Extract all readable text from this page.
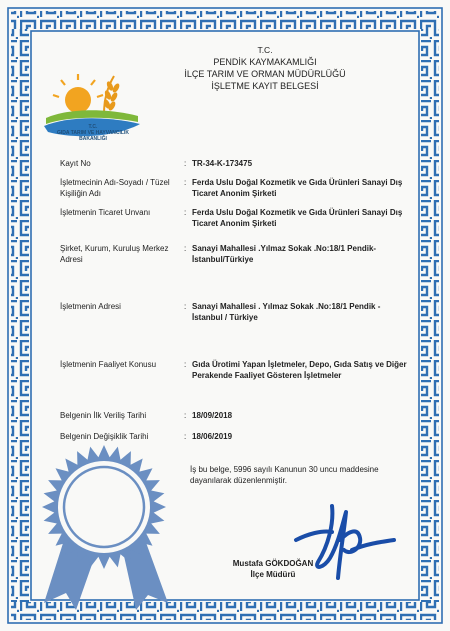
T.C.
PENDİK KAYMAKAMLIĞI
İLÇE TARIM VE ORMAN MÜDÜRLÜĞÜ
İŞLETME KAYIT BELGESİ
T.C.
GIDA TARIM VE HAYVANCILIK
BAKANLIĞI
Kayıt No	: TR-34-K-173475
İşletmecinin Adı-Soyadı / Tüzel Kişiliğin Adı
: Ferda Uslu Doğal Kozmetik ve Gıda Ürünleri Sanayi Dış Ticaret Anonim Şirketi
İşletmenin Ticaret Unvanı	: Ferda Uslu Doğal Kozmetik ve Gıda Ürünleri Sanayi Dış Ticaret Anonim Şirketi
Şirket, Kurum, Kuruluş Merkez Adresi
: Sanayi Mahallesi .Yılmaz Sokak .No:18/1 Pendik-İstanbul/Türkiye
İşletmenin Adresi	: Sanayi Mahallesi . Yılmaz Sokak .No:18/1 Pendik - İstanbul / Türkiye
İşletmenin Faaliyet Konusu	: Gıda Ürotimi Yapan İşletmeler, Depo, Gıda Satış ve Diğer Perakende Faaliyet Gösteren İşletmeler
Belgenin İlk Veriliş Tarihi	: 18/09/2018
Belgenin Değişiklik Tarihi	: 18/06/2019
İş bu belge, 5996 sayılı Kanunun 30 uncu maddesine dayanılarak düzenlenmiştir.
Mustafa GÖKDOĞAN
İlçe Müdürü
